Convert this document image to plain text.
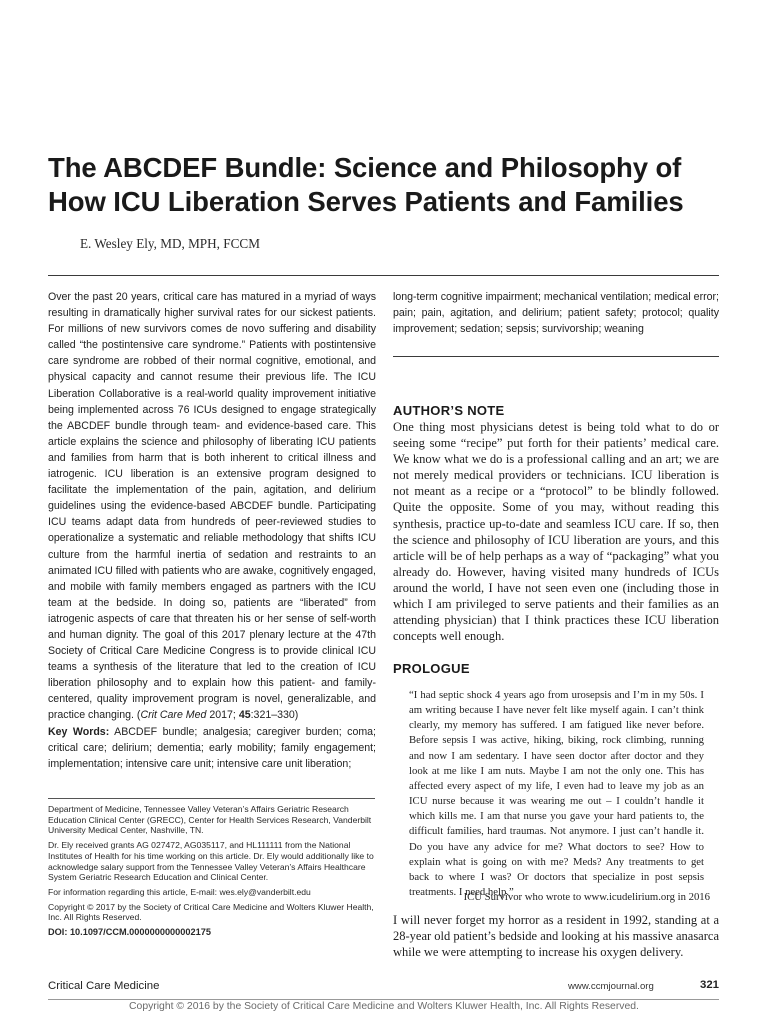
The ABCDEF Bundle: Science and Philosophy of How ICU Liberation Serves Patients and Families
E. Wesley Ely, MD, MPH, FCCM

Over the past 20 years, critical care has matured in a myriad of ways resulting in dramatically higher survival rates for our sickest patients. For millions of new survivors comes de novo suffering and disability called “the postintensive care syndrome.” Patients with postintensive care syndrome are robbed of their normal cognitive, emotional, and physical capacity and cannot resume their previous life. The ICU Liberation Collaborative is a real-world quality improvement initiative being implemented across 76 ICUs designed to engage strategically the ABCDEF bundle through team- and evidence-based care. This article explains the science and philosophy of liberating ICU patients and families from harm that is both inherent to critical illness and iatrogenic. ICU liberation is an extensive program designed to facilitate the implementation of the pain, agitation, and delirium guidelines using the evidence-based ABCDEF bundle. Participating ICU teams adapt data from hundreds of peer-reviewed studies to operationalize a systematic and reliable methodology that shifts ICU culture from the harmful inertia of sedation and restraints to an animated ICU filled with patients who are awake, cognitively engaged, and mobile with family members engaged as partners with the ICU team at the bedside. In doing so, patients are “liberated” from iatrogenic aspects of care that threaten his or her sense of self-worth and human dignity. The goal of this 2017 plenary lecture at the 47th Society of Critical Care Medicine Congress is to provide clinical ICU teams a synthesis of the literature that led to the creation of ICU liberation philosophy and to explain how this patient- and family-centered, quality improvement program is novel, generalizable, and practice changing. (Crit Care Med 2017; 45:321–330)

Key Words: ABCDEF bundle; analgesia; caregiver burden; coma; critical care; delirium; dementia; early mobility; family engagement; implementation; intensive care unit; intensive care unit liberation;

long-term cognitive impairment; mechanical ventilation; medical error; pain; pain, agitation, and delirium; patient safety; protocol; quality improvement; sedation; sepsis; survivorship; weaning
AUTHOR’S NOTE

One thing most physicians detest is being told what to do or seeing some “recipe” put forth for their patients’ medical care. We know what we do is a professional calling and an art; we are not merely medical providers or technicians. ICU liberation is not meant as a recipe or a “protocol” to be blindly followed. Quite the opposite. Some of you may, without reading this synthesis, practice up-to-date and seamless ICU care. If so, then the science and philosophy of ICU liberation are yours, and this article will be of help perhaps as a way of “packaging” what you already do. However, having visited many hundreds of ICUs around the world, I have not seen even one (including those in which I am privileged to serve patients and their families as an attending physician) that I think practices these ICU liberation concepts well enough.

PROLOGUE

“I had septic shock 4 years ago from urosepsis and I’m in my 50s. I am writing because I have never felt like myself again. I can’t think clearly, my memory has suffered. I am fatigued like never before. Before sepsis I was active, hiking, biking, rock climbing, running and now I am sedentary. I have seen doctor after doctor and they look at me like I am nuts. Maybe I am not the only one. This has affected every aspect of my life, I even had to leave my job as an ICU nurse because it was wearing me out – I couldn’t handle it which kills me. I am that nurse you gave your hard patients to, the difficult families, hard traumas. Not anymore. I just can’t handle it. Do you have any advice for me? What doctors to see? How to explain what is going on with me? Meds? Any treatments to get back to where I was? Or doctors that specialize in post sepsis treatments. I need help.”

ICU Survivor who wrote to www.icudelirium.org in 2016

I will never forget my horror as a resident in 1992, standing at a 28-year old patient’s bedside and looking at his massive anasarca while we were attempting to increase his oxygen delivery.

Department of Medicine, Tennessee Valley Veteran’s Affairs Geriatric Research Education Clinical Center (GRECC), Center for Health Services Research, Vanderbilt University Medical Center, Nashville, TN.

Dr. Ely received grants AG 027472, AG035117, and HL111111 from the National Institutes of Health for his time working on this article. Dr. Ely would additionally like to acknowledge salary support from the Tennessee Valley Veteran’s Affairs Healthcare System Geriatric Research Education and Clinical Center.

For information regarding this article, E-mail: wes.ely@vanderbilt.edu

Copyright © 2017 by the Society of Critical Care Medicine and Wolters Kluwer Health, Inc. All Rights Reserved.

DOI: 10.1097/CCM.0000000000002175

Critical Care Medicine	www.ccmjournal.org	321
Copyright © 2016 by the Society of Critical Care Medicine and Wolters Kluwer Health, Inc. All Rights Reserved.
